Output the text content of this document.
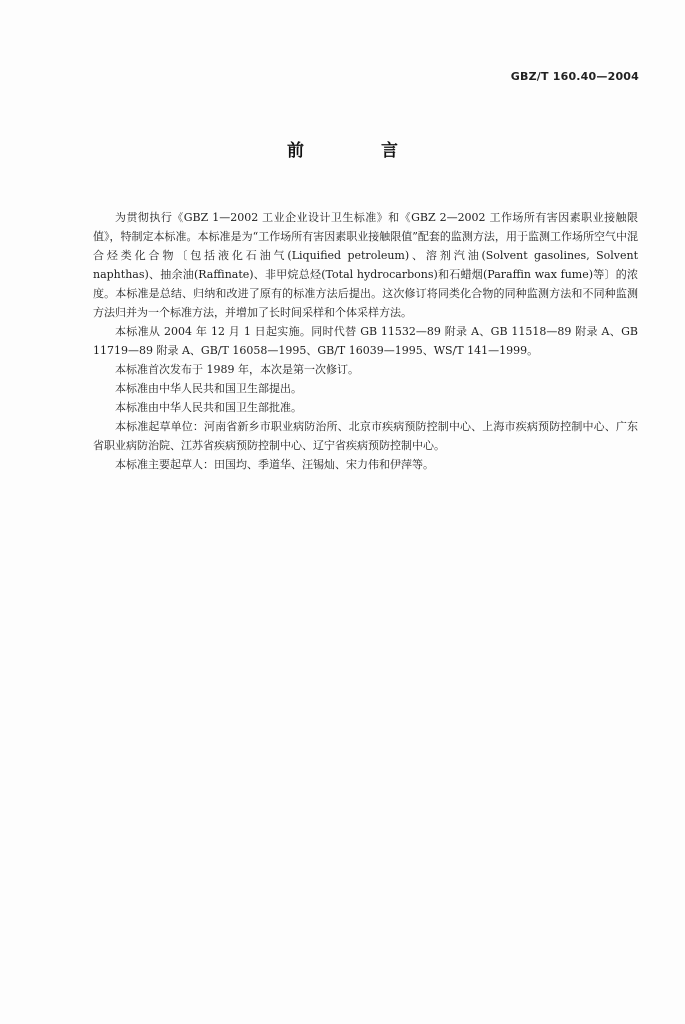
GBZ/T 160.40—2004
前　言

为贯彻执行《GBZ 1—2002 工业企业设计卫生标准》和《GBZ 2—2002 工作场所有害因素职业接触限值》，特制定本标准。本标准是为“工作场所有害因素职业接触限值”配套的监测方法，用于监测工作场所空气中混合烃类化合物〔包括液化石油气(Liquified petroleum)、溶剂汽油(Solvent gasolines, Solvent naphthas)、抽余油(Raffinate)、非甲烷总烃(Total hydrocarbons)和石蜡烟(Paraffin wax fume)等〕的浓度。本标准是总结、归纳和改进了原有的标准方法后提出。这次修订将同类化合物的同种监测方法和不同种监测方法归并为一个标准方法，并增加了长时间采样和个体采样方法。

本标准从 2004 年 12 月 1 日起实施。同时代替 GB 11532—89 附录 A、GB 11518—89 附录 A、GB 11719—89 附录 A、GB/T 16058—1995、GB/T 16039—1995、WS/T 141—1999。

本标准首次发布于 1989 年，本次是第一次修订。

本标准由中华人民共和国卫生部提出。

本标准由中华人民共和国卫生部批准。

本标准起草单位：河南省新乡市职业病防治所、北京市疾病预防控制中心、上海市疾病预防控制中心、广东省职业病防治院、江苏省疾病预防控制中心、辽宁省疾病预防控制中心。

本标准主要起草人：田国均、季道华、汪锡灿、宋力伟和伊萍等。
